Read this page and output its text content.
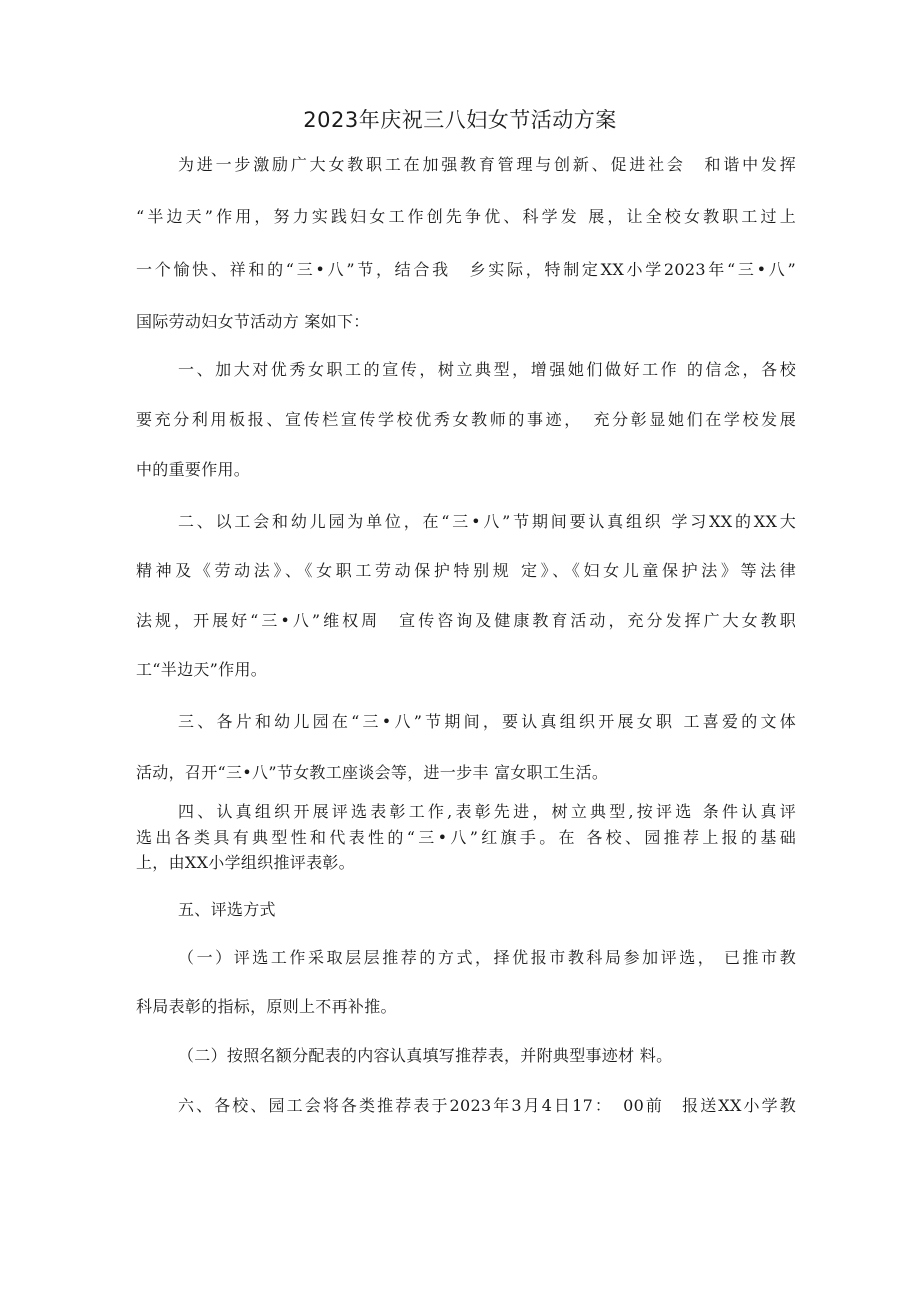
2023年庆祝三八妇女节活动方案
为进一步激励广大女教职工在加强教育管理与创新、促进社会　和谐中发挥
“半边天”作用，努力实践妇女工作创先争优、科学发 展，让全校女教职工过上
一个愉快、祥和的“三•八”节，结合我　乡实际，特制定XX小学2023年“三•八”
国际劳动妇女节活动方 案如下：
一、加大对优秀女职工的宣传，树立典型，增强她们做好工作 的信念，各校
要充分利用板报、宣传栏宣传学校优秀女教师的事迹，　充分彰显她们在学校发展
中的重要作用。
二、以工会和幼儿园为单位，在“三•八”节期间要认真组织 学习XX的XX大
精神及《劳动法》、《女职工劳动保护特别规 定》、《妇女儿童保护法》等法律
法规，开展好“三•八”维权周　宣传咨询及健康教育活动，充分发挥广大女教职
工“半边天”作用。
三、各片和幼儿园在“三•八”节期间，要认真组织开展女职 工喜爱的文体
活动，召开“三•八”节女教工座谈会等，进一步丰 富女职工生活。
四、认真组织开展评选表彰工作,表彰先进，树立典型,按评选 条件认真评
选出各类具有典型性和代表性的“三•八”红旗手。在 各校、园推荐上报的基础
上，由XX小学组织推评表彰。
五、评选方式
（一）评选工作采取层层推荐的方式，择优报市教科局参加评选， 已推市教
科局表彰的指标，原则上不再补推。
（二）按照名额分配表的内容认真填写推荐表，并附典型事迹材 料。
六、各校、园工会将各类推荐表于2023年3月4日17：　00前　报送XX小学教
